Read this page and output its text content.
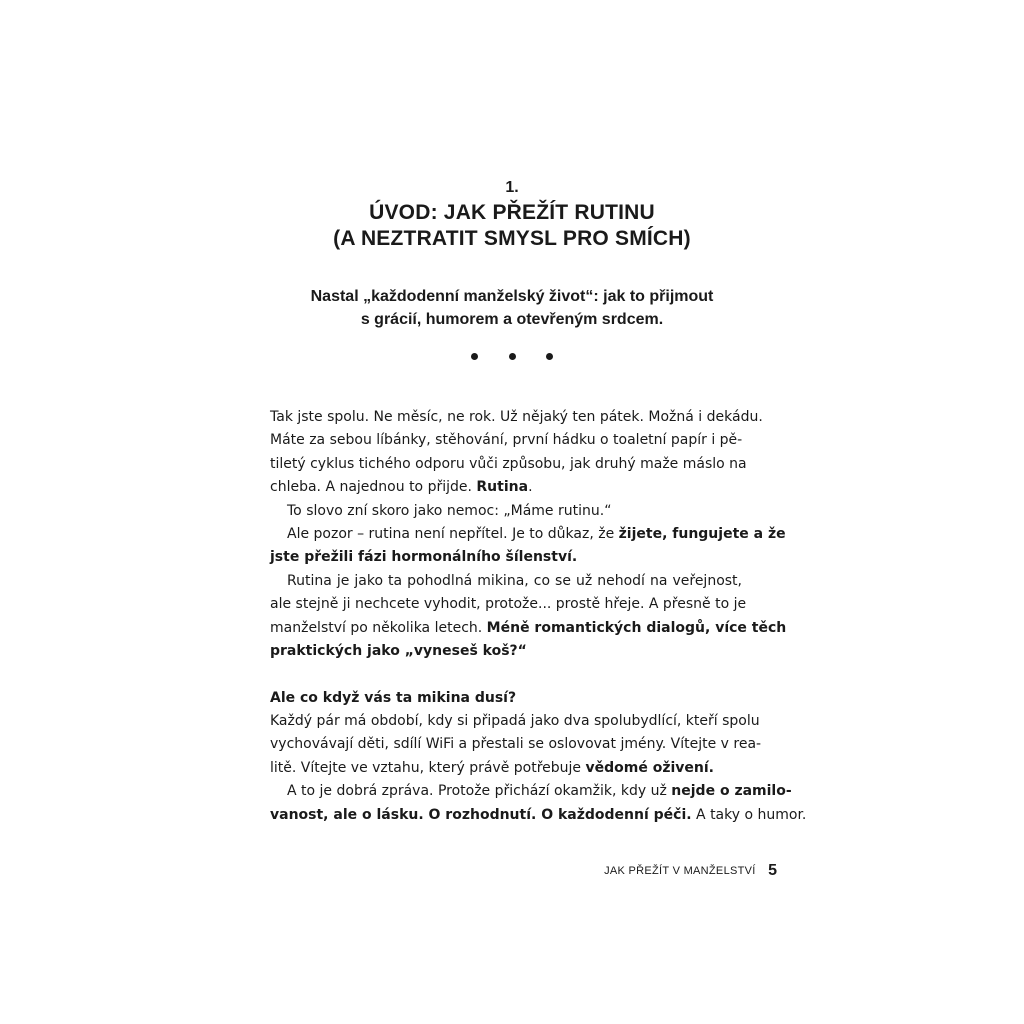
1.
ÚVOD: JAK PŘEŽÍT RUTINU
(A NEZTRATIT SMYSL PRO SMÍCH)
Nastal „každodenní manželský život“: jak to přijmout
s grácií, humorem a otevřeným srdcem.

Tak jste spolu. Ne měsíc, ne rok. Už nějaký ten pátek. Možná i dekádu.
Máte za sebou líbánky, stěhování, první hádku o toaletní papír i pě-
tiletý cyklus tichého odporu vůči způsobu, jak druhý maže máslo na
chleba. A najednou to přijde. Rutina.
To slovo zní skoro jako nemoc: „Máme rutinu.“
Ale pozor – rutina není nepřítel. Je to důkaz, že žijete, fungujete a že
jste přežili fázi hormonálního šílenství.
Rutina je jako ta pohodlná mikina, co se už nehodí na veřejnost,
ale stejně ji nechcete vyhodit, protože... prostě hřeje. A přesně to je
manželství po několika letech. Méně romantických dialogů, více těch
praktických jako „vyneseš koš?“
Ale co když vás ta mikina dusí?
Každý pár má období, kdy si připadá jako dva spolubydlící, kteří spolu
vychovávají děti, sdílí WiFi a přestali se oslovovat jmény. Vítejte v rea-
litě. Vítejte ve vztahu, který právě potřebuje vědomé oživení.
A to je dobrá zpráva. Protože přichází okamžik, kdy už nejde o zamilo-
vanost, ale o lásku. O rozhodnutí. O každodenní péči. A taky o humor.
JAK PŘEŽÍT V MANŽELSTVÍ 5
